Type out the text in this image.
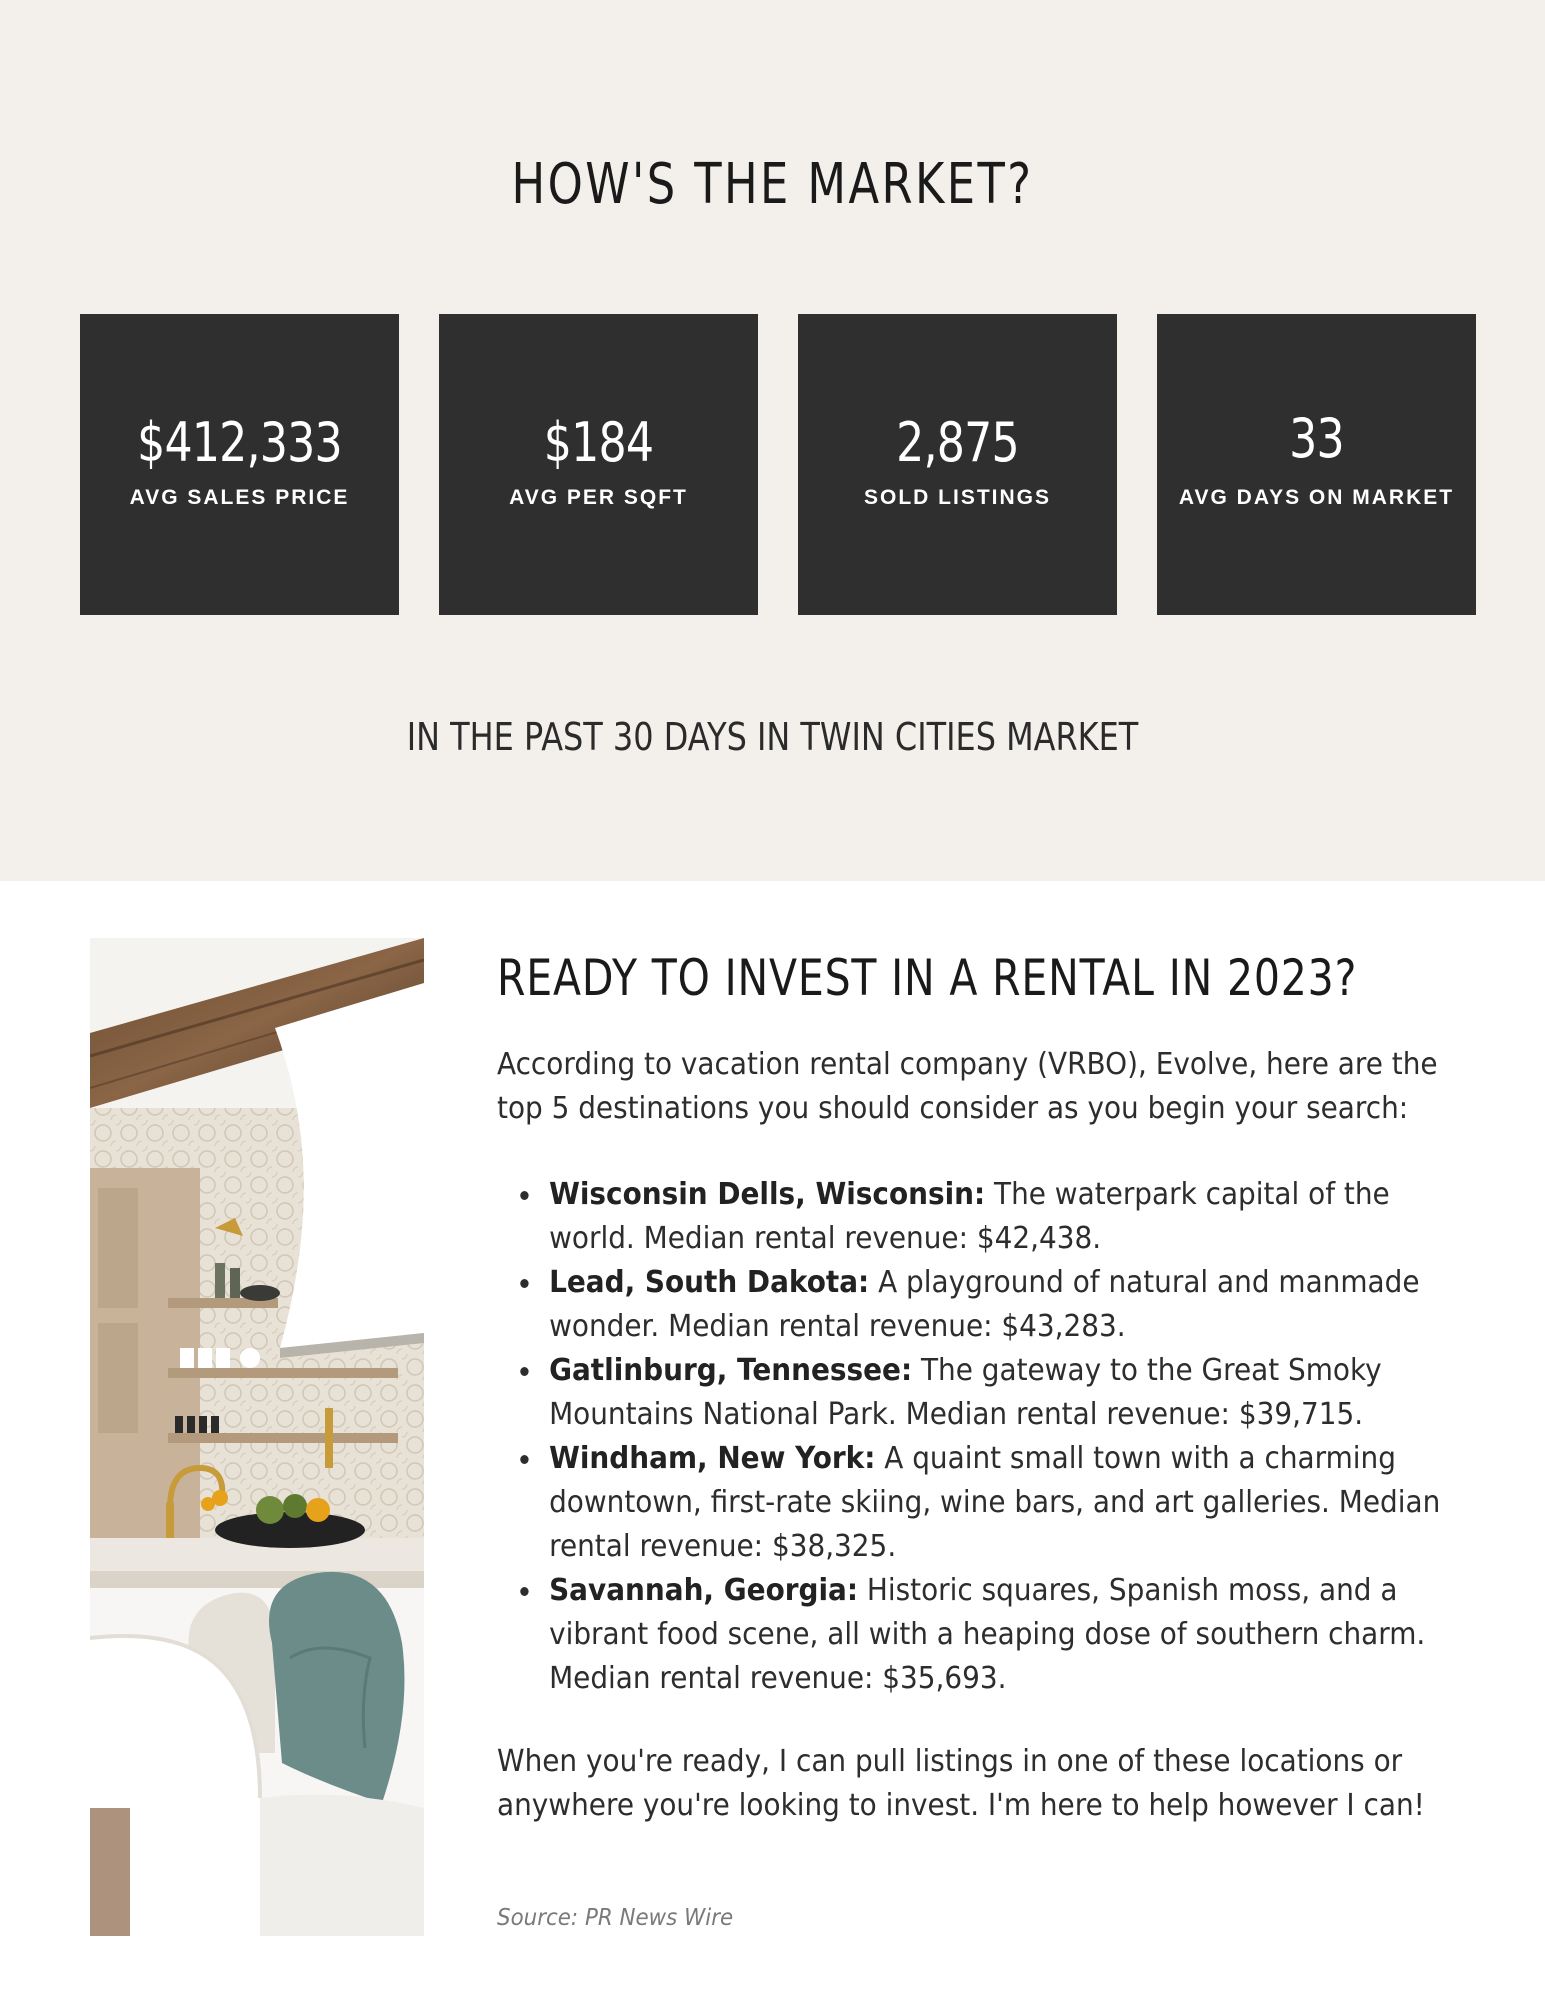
HOW'S THE MARKET?
$412,333
AVG SALES PRICE
$184
AVG PER SQFT
2,875
SOLD LISTINGS
33
AVG DAYS ON MARKET
IN THE PAST 30 DAYS IN TWIN CITIES MARKET
READY TO INVEST IN A RENTAL IN 2023?

According to vacation rental company (VRBO), Evolve, here are the top 5 destinations you should consider as you begin your search:

Wisconsin Dells, Wisconsin: The waterpark capital of the world. Median rental revenue: $42,438.
Lead, South Dakota: A playground of natural and manmade wonder. Median rental revenue: $43,283.
Gatlinburg, Tennessee: The gateway to the Great Smoky Mountains National Park. Median rental revenue: $39,715.
Windham, New York: A quaint small town with a charming downtown, first-rate skiing, wine bars, and art galleries. Median rental revenue: $38,325.
Savannah, Georgia: Historic squares, Spanish moss, and a vibrant food scene, all with a heaping dose of southern charm. Median rental revenue: $35,693.

When you're ready, I can pull listings in one of these locations or anywhere you're looking to invest. I'm here to help however I can!

Source: PR News Wire
